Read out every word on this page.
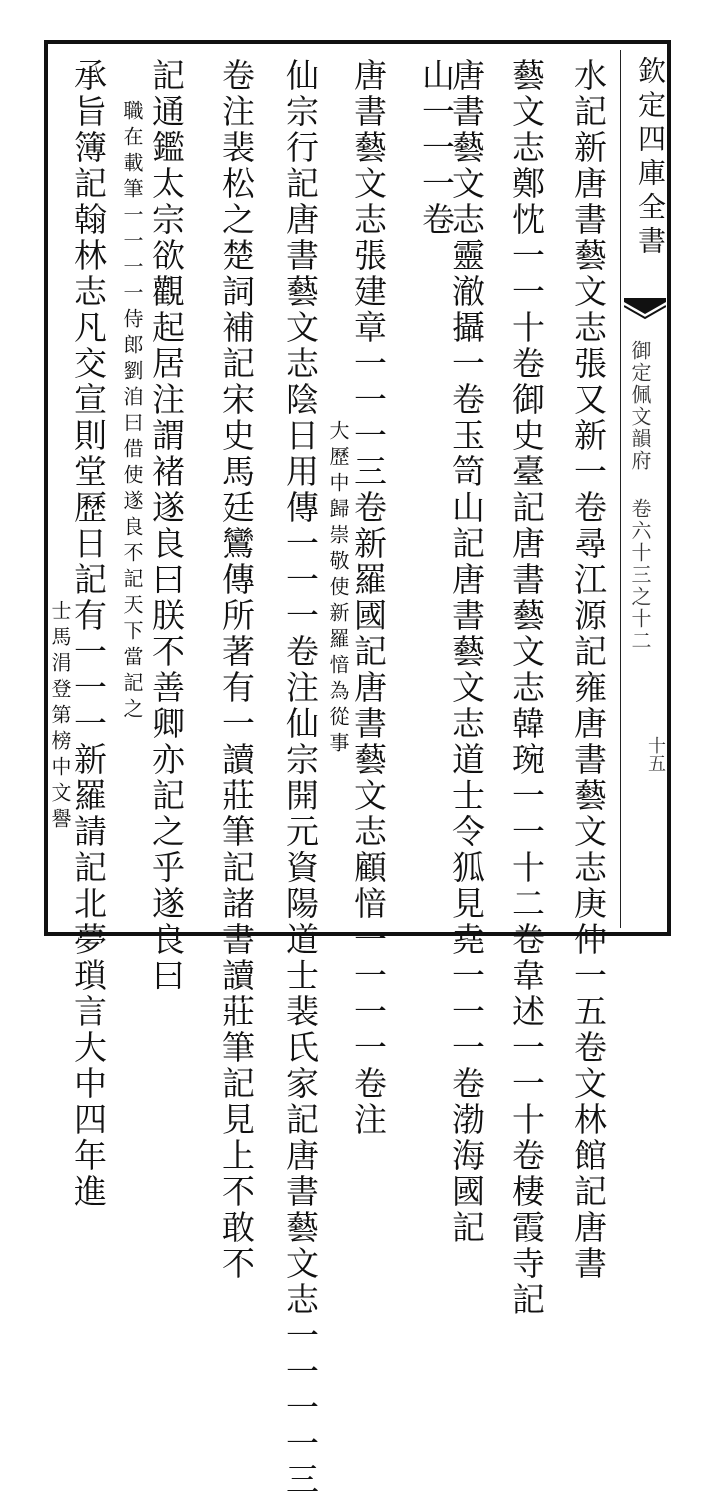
欽定四庫全書
御定佩文韻府 卷六十三之十二
十五
水記新唐書藝文志張又新一卷尋江源記雍唐書藝文志庚仲一五卷文林館記唐書
藝文志鄭忱一一十卷御史臺記唐書藝文志韓琬一一十二卷韋述一一十卷棲霞寺記
唐書藝文志靈澈攝一卷玉笥山記唐書藝文志道士令狐見堯一一一卷渤海國記
山一一一卷
唐書藝文志張建章一一一三卷新羅國記唐書藝文志顧愔一一一一卷注
大歷中歸崇敬使新羅愔為從事
仙宗行記唐書藝文志陰日用傳一一一卷注仙宗開元資陽道士裴氏家記唐書藝文志一一一一三
卷注裴松之楚詞補記宋史馬廷鸞傳所著有一讀莊筆記諸書讀莊筆記見上不敢不
記通鑑太宗欲觀起居注謂褚遂良曰朕不善卿亦記之乎遂良曰
職在載筆一一一一侍郎劉洎曰借使遂良不記天下當記之
承旨簿記翰林志凡交宣則堂歷日記有一一一新羅請記北夢瑣言大中四年進
士馬涓登第榜中文譽
